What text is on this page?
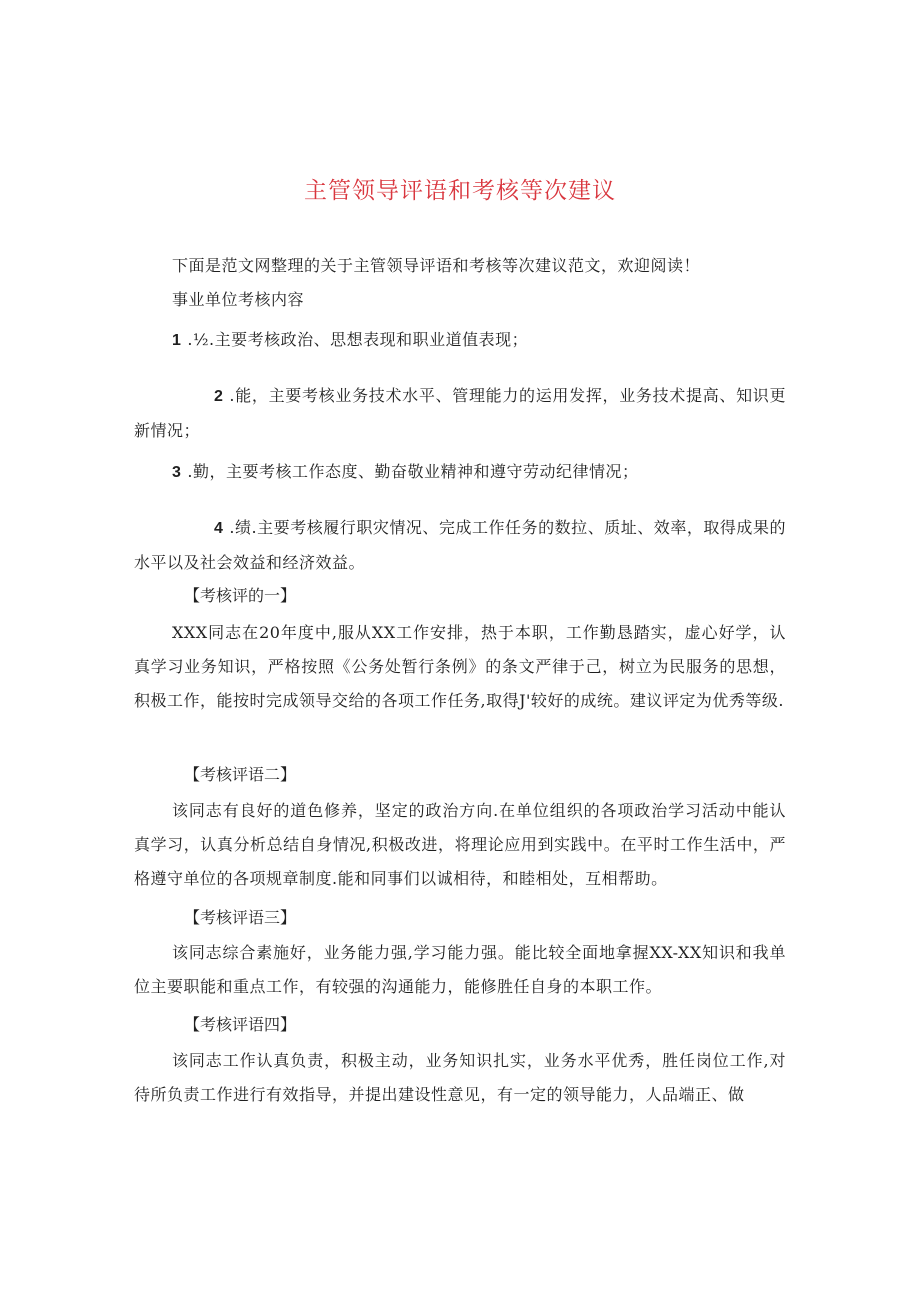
主管领导评语和考核等次建议
下面是范文网整理的关于主管领导评语和考核等次建议范文，欢迎阅读！
事业单位考核内容
1 .½.主要考核政治、思想表现和职业道值表现；
2 .能，主要考核业务技术水平、管理能力的运用发挥，业务技术提高、知识更新情况；
3 .勤，主要考核工作态度、勤奋敬业精神和遵守劳动纪律情况；
4 .绩.主要考核履行职灾情况、完成工作任务的数拉、质址、效率，取得成果的水平以及社会效益和经济效益。
【考核评的一】
XXX同志在20年度中,服从XX工作安排，热于本职，工作勤恳踏实，虚心好学，认真学习业务知识，严格按照《公务处暂行条例》的条文严律于己，树立为民服务的思想，积极工作，能按时完成领导交给的各项工作任务,取得J'较好的成统。建议评定为优秀等级.
【考核评语二】
该同志有良好的道色修养，坚定的政治方向.在单位组织的各项政治学习活动中能认真学习，认真分析总结自身情况,积极改进，将理论应用到实践中。在平时工作生活中，严格遵守单位的各项规章制度.能和同事们以诚相待，和睦相处，互相帮助。
【考核评语三】
该同志综合素施好，业务能力强,学习能力强。能比较全面地拿握XX-XX知识和我单位主要职能和重点工作，有较强的沟通能力，能修胜任自身的本职工作。
【考核评语四】
该同志工作认真负责，积极主动，业务知识扎实，业务水平优秀，胜任岗位工作,对待所负责工作进行有效指导，并提出建设性意见，有一定的领导能力，人品端正、做
